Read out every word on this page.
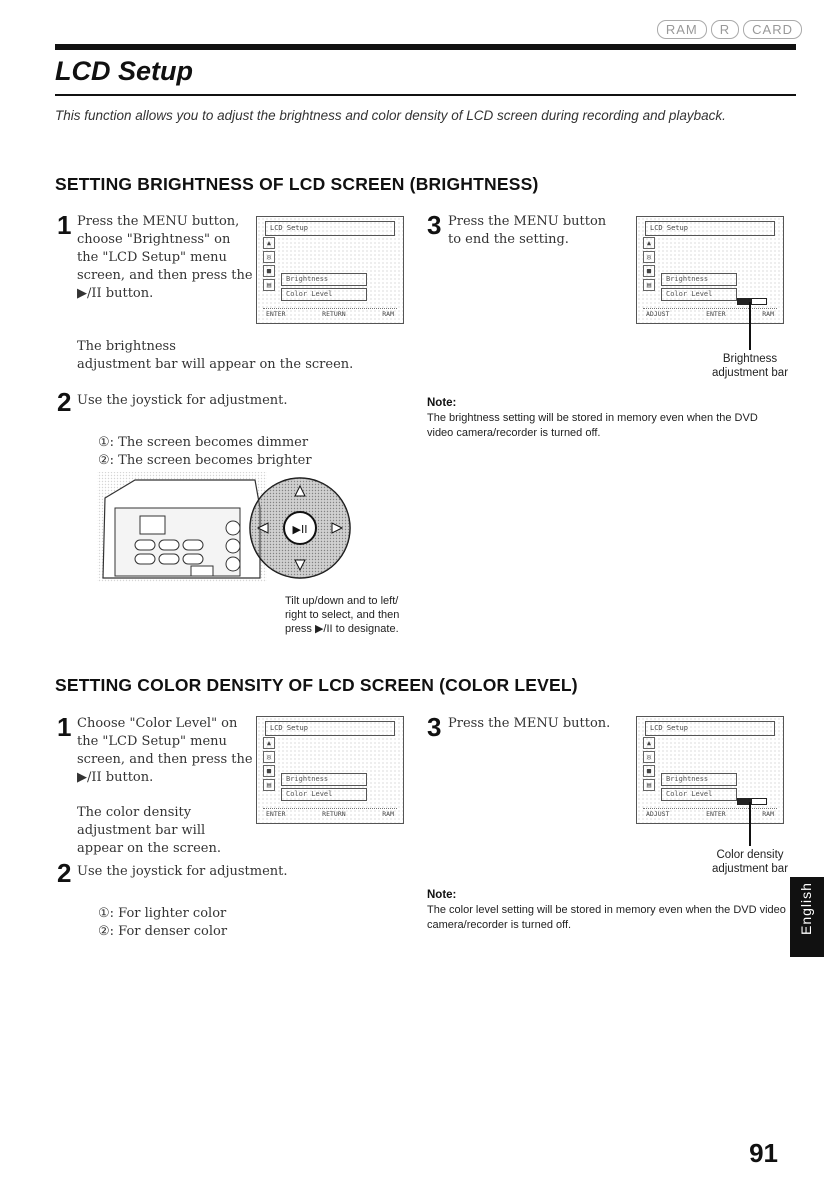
RAM	R	CARD
LCD Setup
This function allows you to adjust the brightness and color density of LCD screen during recording and playback.
SETTING BRIGHTNESS OF LCD SCREEN (BRIGHTNESS)
1 Press the MENU button,
choose "Brightness" on
the "LCD Setup" menu
screen, and then press the
▶/II button.
The brightness
adjustment bar will appear on the screen.
LCD Setup
▲
◎
■
▤
Brightness
Color Level
ENTER	RETURN	RAM
2 Use the joystick for adjustment.
①: The screen becomes dimmer
②: The screen becomes brighter
▶II
Tilt up/down and to left/
right to select, and then
press ▶/II to designate.
3 Press the MENU button
to end the setting.
LCD Setup
▲
◎
■
▤
Brightness
Color Level
ADJUST	ENTER	RAM
Brightness
adjustment bar
Note:
The brightness setting will be stored in memory even when the DVD video camera/recorder is turned off.
SETTING COLOR DENSITY OF LCD SCREEN (COLOR LEVEL)
1 Choose "Color Level" on
the "LCD Setup" menu
screen, and then press the
▶/II button.
The color density
adjustment bar will
appear on the screen.
LCD Setup
▲
◎
■
▤
Brightness
Color Level
ENTER	RETURN	RAM
2 Use the joystick for adjustment.
①: For lighter color
②: For denser color
3 Press the MENU button.	LCD Setup
▲
◎
■
▤
Brightness
Color Level
ADJUST	ENTER	RAM
Color density
adjustment bar
Note:
The color level setting will be stored in memory even when the DVD video camera/recorder is turned off.	English
91
